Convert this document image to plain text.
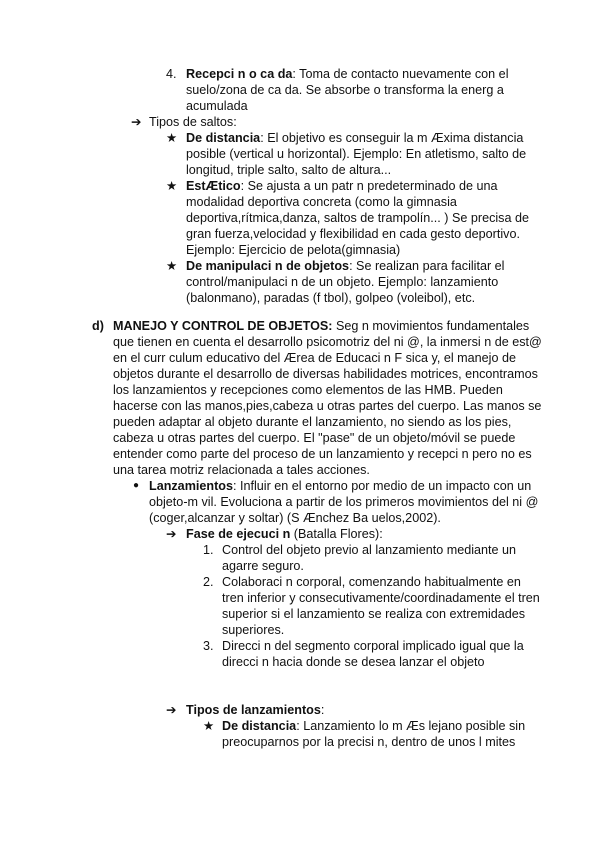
4. Recepci n o ca da: Toma de contacto nuevamente con el
suelo/zona de ca da. Se absorbe o transforma la energ a
acumulada
➔ Tipos de saltos:
★ De distancia: El objetivo es conseguir la m Æxima distancia
posible (vertical u horizontal). Ejemplo: En atletismo, salto de
longitud, triple salto, salto de altura...
★ EstÆtico: Se ajusta a un patr n predeterminado de una
modalidad deportiva concreta (como la gimnasia
deportiva,rítmica,danza, saltos de trampolín... ) Se precisa de
gran fuerza,velocidad y flexibilidad en cada gesto deportivo.
Ejemplo: Ejercicio de pelota(gimnasia)
★ De manipulaci n de objetos: Se realizan para facilitar el
control/manipulaci n de un objeto. Ejemplo: lanzamiento
(balonmano), paradas (f tbol), golpeo (voleibol), etc.
d) MANEJO Y CONTROL DE OBJETOS: Seg n movimientos fundamentales
que tienen en cuenta el desarrollo psicomotriz del ni @, la inmersi n de est@
en el curr culum educativo del Ærea de Educaci n F sica y, el manejo de
objetos durante el desarrollo de diversas habilidades motrices, encontramos
los lanzamientos y recepciones como elementos de las HMB. Pueden
hacerse con las manos,pies,cabeza u otras partes del cuerpo. Las manos se
pueden adaptar al objeto durante el lanzamiento, no siendo as los pies,
cabeza u otras partes del cuerpo. El "pase" de un objeto/móvil se puede
entender como parte del proceso de un lanzamiento y recepci n pero no es
una tarea motriz relacionada a tales acciones.
● Lanzamientos: Influir en el entorno por medio de un impacto con un
objeto-m vil. Evoluciona a partir de los primeros movimientos del ni @
(coger,alcanzar y soltar) (S Ænchez Ba uelos,2002).
➔ Fase de ejecuci n (Batalla Flores):
1. Control del objeto previo al lanzamiento mediante un
agarre seguro.
2. Colaboraci n corporal, comenzando habitualmente en
tren inferior y consecutivamente/coordinadamente el tren
superior si el lanzamiento se realiza con extremidades
superiores.
3. Direcci n del segmento corporal implicado igual que la
direcci n hacia donde se desea lanzar el objeto
➔ Tipos de lanzamientos:
★ De distancia: Lanzamiento lo m Æs lejano posible sin
preocuparnos por la precisi n, dentro de unos l mites
